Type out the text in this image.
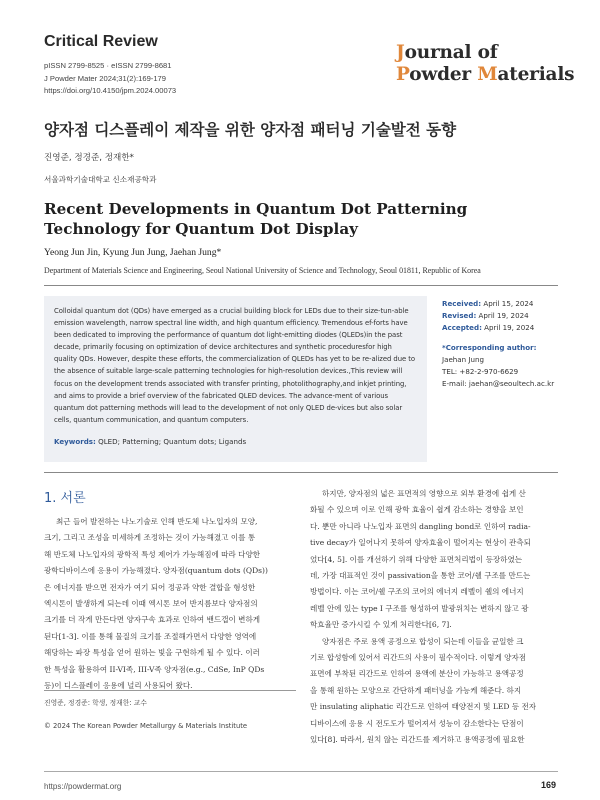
Critical Review
pISSN 2799-8525 · eISSN 2799-8681
J Powder Mater 2024;31(2):169-179
https://doi.org/10.4150/jpm.2024.00073
Journal of
Powder Materials
양자점 디스플레이 제작을 위한 양자점 패터닝 기술발전 동향
진영준, 정경준, 정재한*
서울과학기술대학교 신소재공학과
Recent Developments in Quantum Dot Patterning Technology for Quantum Dot Display
Yeong Jun Jin, Kyung Jun Jung, Jaehan Jung*
Department of Materials Science and Engineering, Seoul National University of Science and Technology, Seoul 01811, Republic of Korea
Colloidal quantum dot (QDs) have emerged as a crucial building block for LEDs due to their size-tun-able emission wavelength, narrow spectral line width, and high quantum efficiency. Tremendous ef-forts have been dedicated to improving the performance of quantum dot light-emitting diodes (QLEDs)in the past decade, primarily focusing on optimization of device architectures and synthetic proceduresfor high quality QDs. However, despite these efforts, the commercialization of QLEDs has yet to be re-alized due to the absence of suitable large-scale patterning technologies for high-resolution devices.,This review will focus on the development trends associated with transfer printing, photolithography,and inkjet printing, and aims to provide a brief overview of the fabricated QLED devices. The advance-ment of various quantum dot patterning methods will lead to the development of not only QLED de-vices but also solar cells, quantum communication, and quantum computers.
Keywords: QLED; Patterning; Quantum dots; Ligands
Received: April 15, 2024
Revised: April 19, 2024
Accepted: April 19, 2024
*Corresponding author:
Jaehan Jung
TEL: +82-2-970-6629
E-mail: jaehan@seoultech.ac.kr
1. 서론
최근 들어 발전하는 나노기술로 인해 반도체 나노입자의 모양,
크기, 그리고 조성을 미세하게 조정하는 것이 가능해졌고 이를 통
해 반도체 나노입자의 광학적 특성 제어가 가능해짐에 따라 다양한
광학디바이스에 응용이 가능해졌다. 양자점(quantum dots (QDs))
은 에너지를 받으면 전자가 여기 되어 정공과 약한 결합을 형성한
엑시톤이 발생하게 되는데 이때 엑시톤 보어 반지름보다 양자점의
크기를 더 작게 만든다면 양자구속 효과로 인하여 밴드갭이 변하게
된다[1-3]. 이를 통해 물질의 크기를 조절해가면서 다양한 영역에
해당하는 파장 특성을 얻어 원하는 빛을 구현하게 될 수 있다. 이러
한 특성을 활용하여 II-VI족, III-V족 양자점(e.g., CdSe, InP QDs
등)이 디스플레이 응용에 널리 사용되어 왔다.
하지만, 양자점의 넓은 표면적의 영향으로 외부 환경에 쉽게 산
화될 수 있으며 이로 인해 광학 효율이 쉽게 감소하는 경향을 보인
다. 뿐만 아니라 나노입자 표면의 dangling bond로 인하여 radia-
tive decay가 일어나지 못하여 양자효율이 떨어지는 현상이 관측되
었다[4, 5]. 이를 개선하기 위해 다양한 표면처리법이 등장하였는
데, 가장 대표적인 것이 passivation을 통한 코어/쉘 구조를 만드는
방법이다. 이는 코어/쉘 구조의 코어의 에너지 레벨이 쉘의 에너지
레벨 안에 있는 type I 구조를 형성하여 발광위치는 변하지 않고 광
학효율만 증가시킬 수 있게 처리한다[6, 7].
양자점은 주로 용액 공정으로 합성이 되는데 이들을 균일한 크
기로 합성함에 있어서 리간드의 사용이 필수적이다. 이렇게 양자점
표면에 부착된 리간드로 인하여 용액에 분산이 가능하고 용액공정
을 통해 원하는 모양으로 간단하게 패터닝을 가능케 해준다. 하지
만 insulating aliphatic 리간드로 인하여 태양전지 및 LED 등 전자
디바이스에 응용 시 전도도가 떨어져서 성능이 감소한다는 단점이
있다[8]. 따라서, 원치 않는 리간드를 제거하고 용액공정에 필요한
진영준, 정경준: 학생, 정재한: 교수
© 2024 The Korean Powder Metallurgy & Materials Institute
https://powdermat.org	169
